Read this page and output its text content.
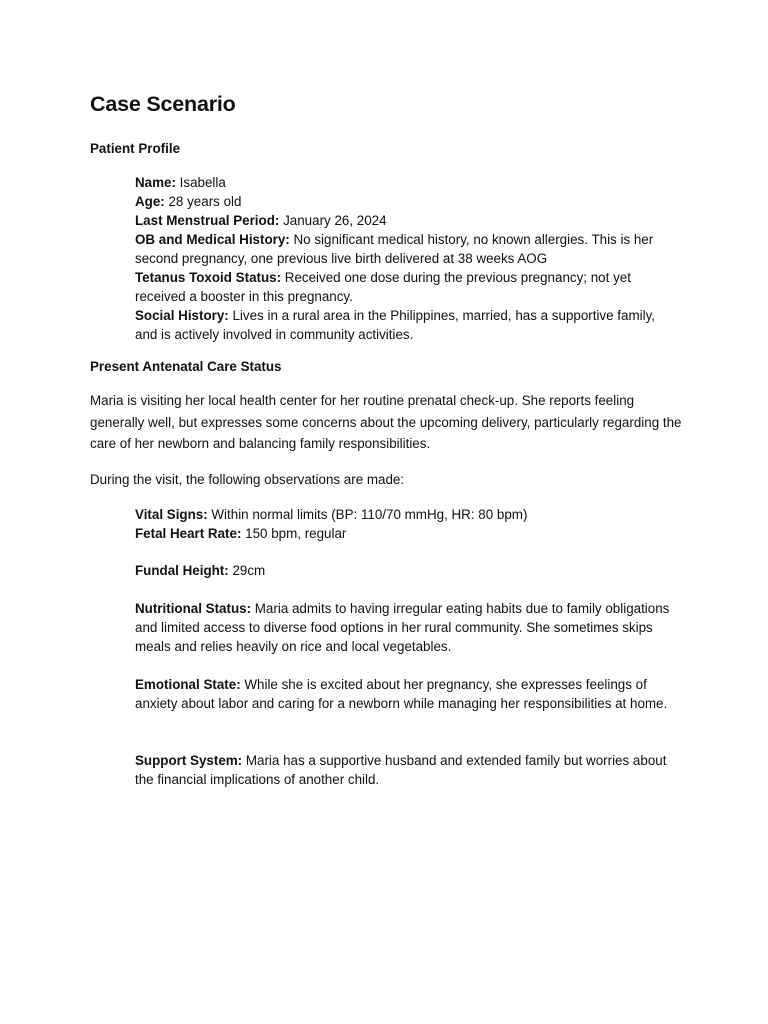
Case Scenario
Patient Profile
Name: Isabella
Age: 28 years old
Last Menstrual Period: January 26, 2024
OB and Medical History: No significant medical history, no known allergies. This is her second pregnancy, one previous live birth delivered at 38 weeks AOG
Tetanus Toxoid Status: Received one dose during the previous pregnancy; not yet received a booster in this pregnancy.
Social History: Lives in a rural area in the Philippines, married, has a supportive family, and is actively involved in community activities.
Present Antenatal Care Status

Maria is visiting her local health center for her routine prenatal check-up. She reports feeling generally well, but expresses some concerns about the upcoming delivery, particularly regarding the care of her newborn and balancing family responsibilities.

During the visit, the following observations are made:

Vital Signs: Within normal limits (BP: 110/70 mmHg, HR: 80 bpm)
Fetal Heart Rate: 150 bpm, regular
Fundal Height: 29cm
Nutritional Status: Maria admits to having irregular eating habits due to family obligations and limited access to diverse food options in her rural community. She sometimes skips meals and relies heavily on rice and local vegetables.
Emotional State: While she is excited about her pregnancy, she expresses feelings of anxiety about labor and caring for a newborn while managing her responsibilities at home.
Support System: Maria has a supportive husband and extended family but worries about the financial implications of another child.
